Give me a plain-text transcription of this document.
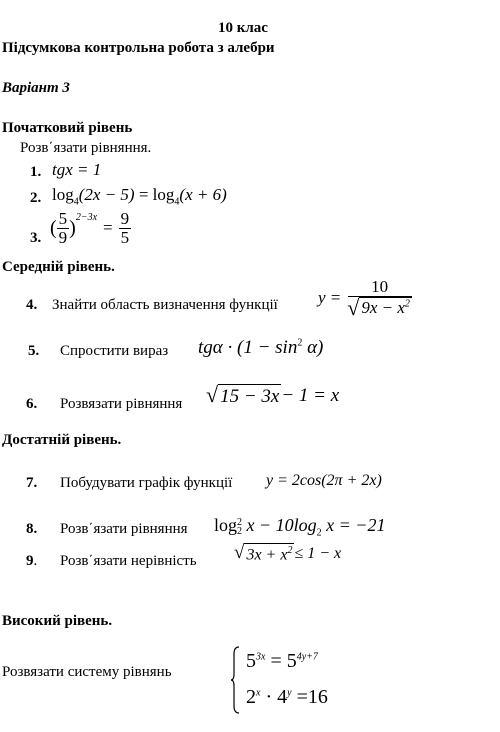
10 клас
Підсумкова контрольна робота з алебри
Варіант 3
Початковий рівень
Розв΄язати рівняння.
1. tgx = 1
2. $\log_4(2x - 5) = \log_4(x + 6)$
3. ( $\frac{5}{9} )^{2-3x}$
= $\frac{9}{5}$
Середній рівень.
4. Знайти область визначення функції $y = \frac{10}{√ 9x - x^2}$
5. Спростити вираз $tg\alpha \cdot (1 - \sin^2 \alpha)$
6. Розвязати рівняння √ 15 − 3x − 1 = x
Достатній рівень.
7. Побудувати графік функції y = 2cos(2π + 2x)
8. Розв΄язати рівняння log 2
2 $x - 10\log_2$ x = −21
9. Розв΄язати нерівність √ $3x + x^2 \le 1 - x$
Високий рівень.
Розвязати систему рівнянь	$5^{3x} = 5^{4y+7}$
$2^x \cdot 4^y =16$
